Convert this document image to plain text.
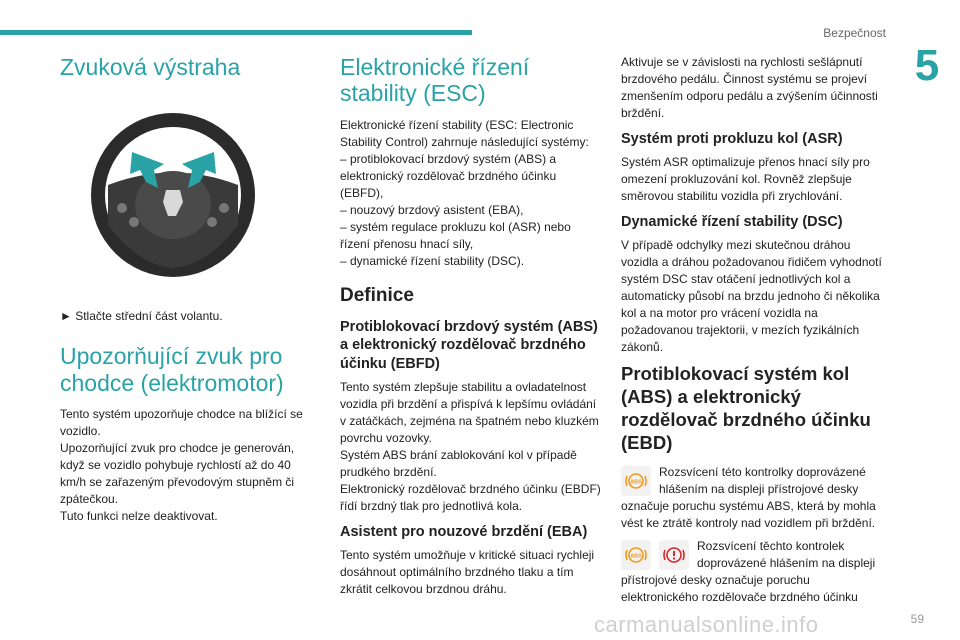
Bezpečnost
5
Zvuková výstraha

► Stlačte střední část volantu.

Upozorňující zvuk pro chodce (elektromotor)

Tento systém upozorňuje chodce na blížící se vozidlo.

Upozorňující zvuk pro chodce je generován, když se vozidlo pohybuje rychlostí až do 40 km/h se zařazeným převodovým stupněm či zpátečkou.

Tuto funkci nelze deaktivovat.

Elektronické řízení stability (ESC)

Elektronické řízení stability (ESC: Electronic Stability Control) zahrnuje následující systémy:

– protiblokovací brzdový systém (ABS) a elektronický rozdělovač brzdného účinku (EBFD),

– nouzový brzdový asistent (EBA),

– systém regulace prokluzu kol (ASR) nebo řízení přenosu hnací síly,

– dynamické řízení stability (DSC).

Definice
Protiblokovací brzdový systém (ABS) a elektronický rozdělovač brzdného účinku (EBFD)

Tento systém zlepšuje stabilitu a ovladatelnost vozidla při brzdění a přispívá k lepšímu ovládání v zatáčkách, zejména na špatném nebo kluzkém povrchu vozovky.

Systém ABS brání zablokování kol v případě prudkého brzdění.

Elektronický rozdělovač brzdného účinku (EBDF) řídí brzdný tlak pro jednotlivá kola.

Asistent pro nouzové brzdění (EBA)

Tento systém umožňuje v kritické situaci rychleji dosáhnout optimálního brzdného tlaku a tím zkrátit celkovou brzdnou dráhu.

Aktivuje se v závislosti na rychlosti sešlápnutí brzdového pedálu. Činnost systému se projeví zmenšením odporu pedálu a zvýšením účinnosti brždění.

Systém proti prokluzu kol (ASR)

Systém ASR optimalizuje přenos hnací síly pro omezení prokluzování kol. Rovněž zlepšuje směrovou stabilitu vozidla při zrychlování.

Dynamické řízení stability (DSC)

V případě odchylky mezi skutečnou dráhou vozidla a dráhou požadovanou řidičem vyhodnotí systém DSC stav otáčení jednotlivých kol a automaticky působí na brzdu jednoho či několika kol a na motor pro vrácení vozidla na požadovanou trajektorii, v mezích fyzikálních zákonů.

Protiblokovací systém kol (ABS) a elektronický rozdělovač brzdného účinku (EBD)
ABS

Rozsvícení této kontrolky doprovázené hlášením na displeji přístrojové desky označuje poruchu systému ABS, která by mohla vést ke ztrátě kontroly nad vozidlem při brždění.

ABS

Rozsvícení těchto kontrolek doprovázené hlášením na displeji přístrojové desky označuje poruchu elektronického rozdělovače brzdného účinku

carmanualsonline.info	59
